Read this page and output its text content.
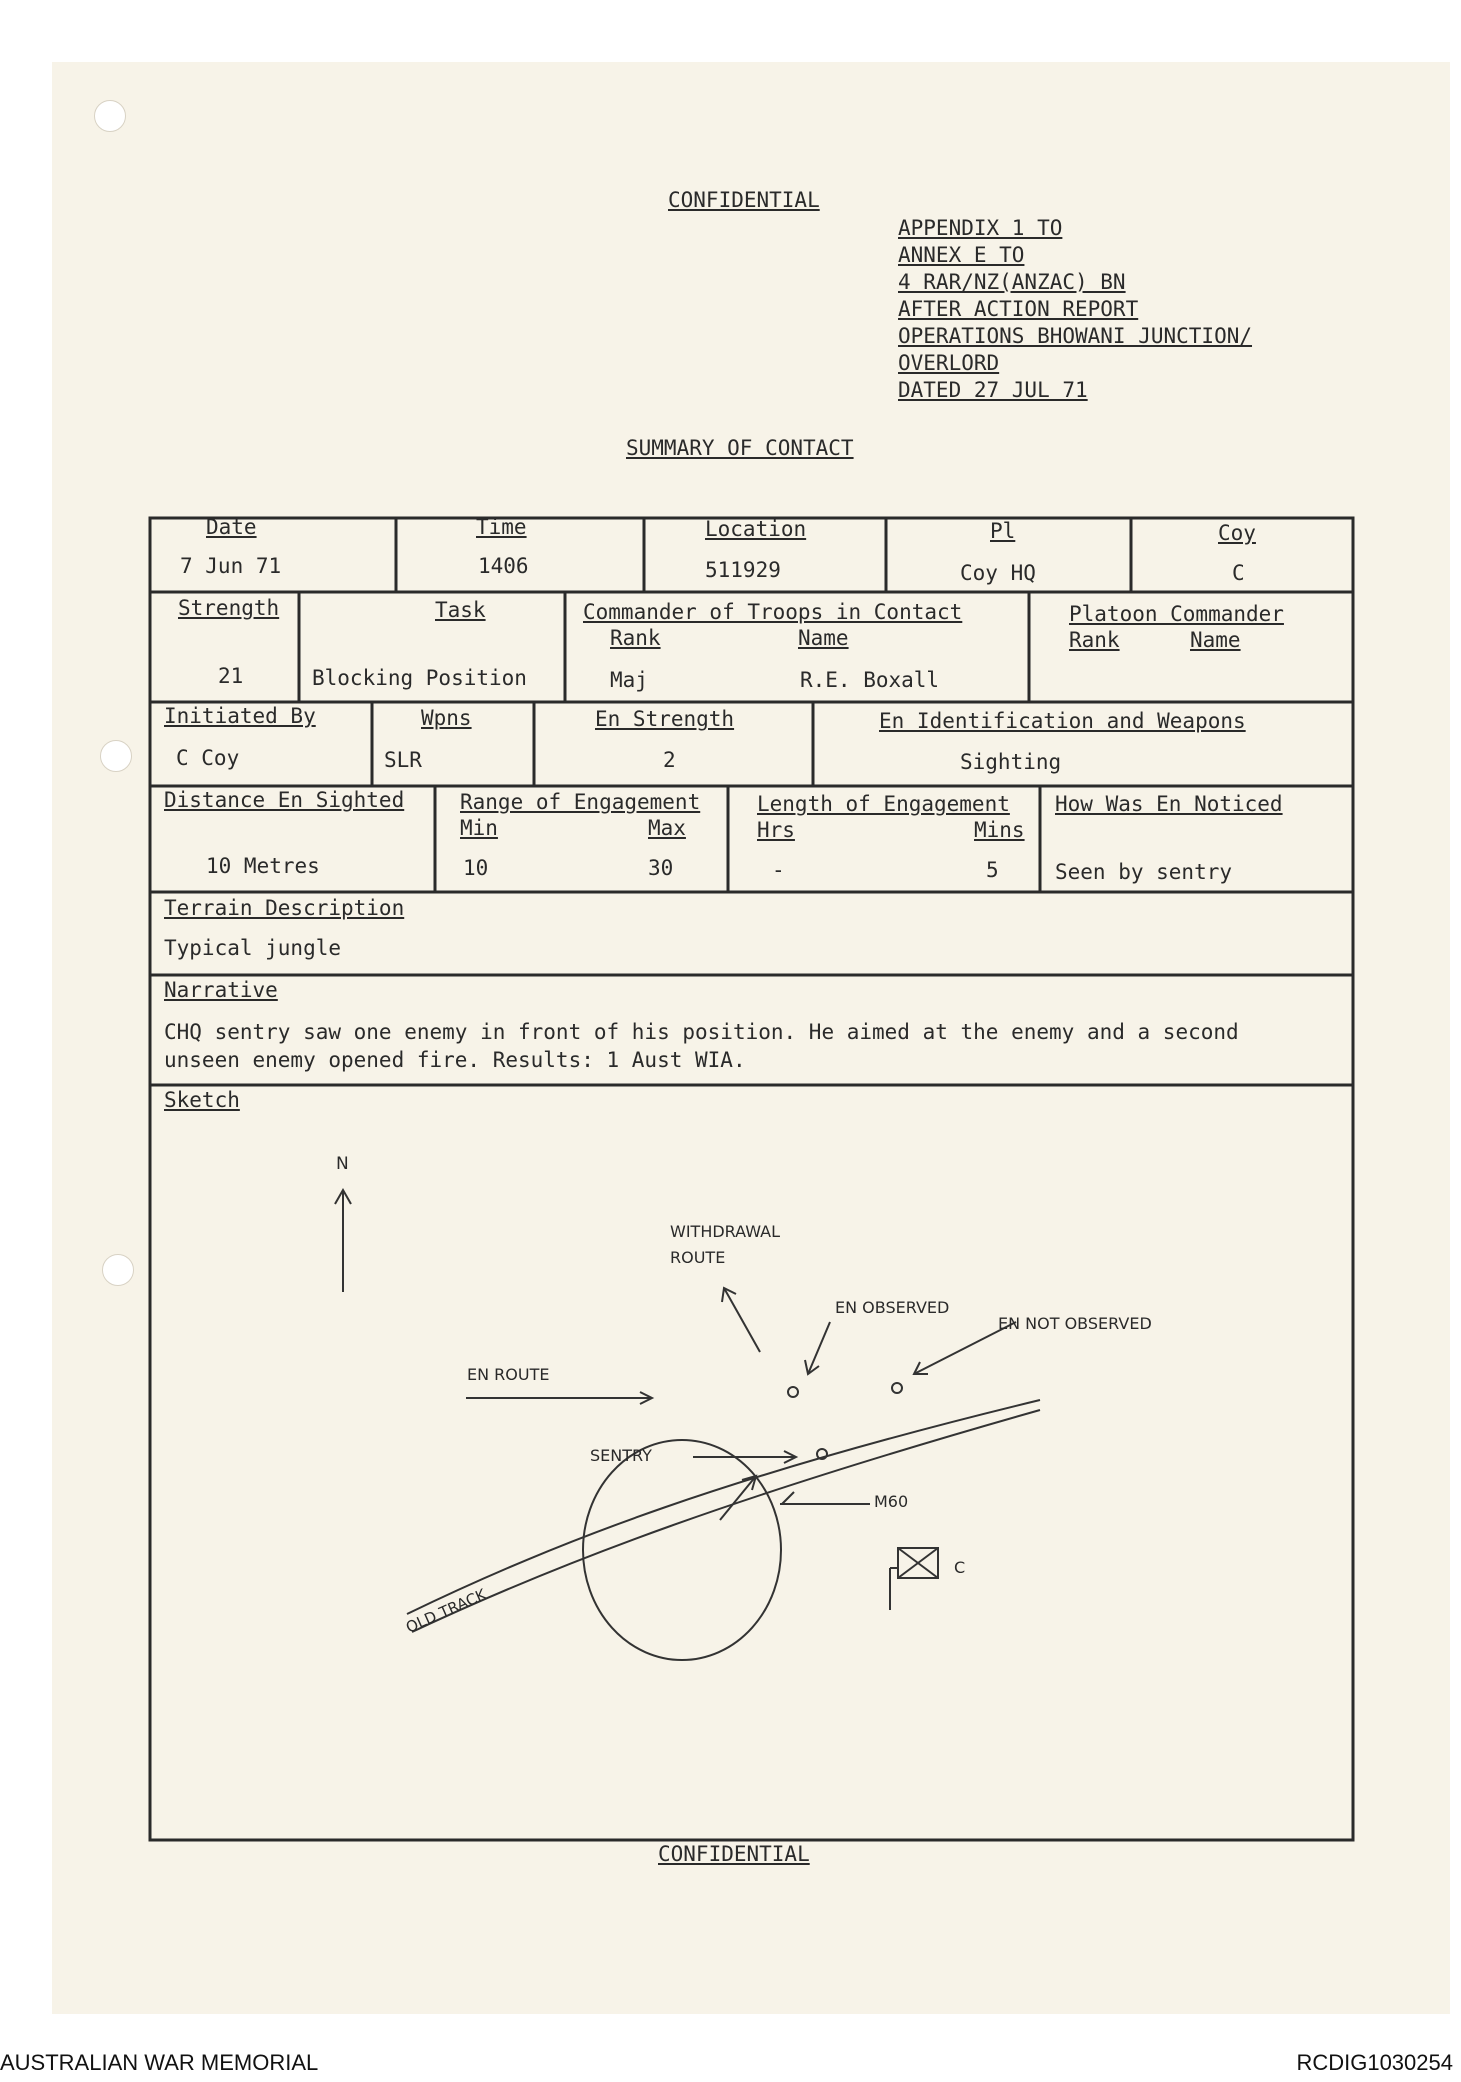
CONFIDENTIAL
APPENDIX 1 TO
ANNEX E TO
4 RAR/NZ(ANZAC) BN
AFTER ACTION REPORT
OPERATIONS BHOWANI JUNCTION/
OVERLORD
DATED 27 JUL 71
SUMMARY OF CONTACT
Date
7 Jun 71
Time
1406
Location
511929
Pl
Coy HQ
Coy
C
Strength
21
Task
Blocking Position
Commander of Troops in Contact
Rank	Name
Maj	R.E. Boxall
Platoon Commander
Rank	Name
Initiated By
C Coy
Wpns
SLR
En Strength
2
En Identification and Weapons
Sighting
Distance En Sighted
10 Metres
Range of Engagement
Min	Max
10	30
Length of Engagement
Hrs	Mins
-	5
How Was En Noticed
Seen by sentry
Terrain Description
Typical jungle
Narrative
CHQ sentry saw one enemy in front of his position. He aimed at the enemy and a second
unseen enemy opened fire. Results: 1 Aust WIA.
Sketch
N
WITHDRAWAL
ROUTE
EN OBSERVED
EN NOT OBSERVED
EN ROUTE
SENTRY
M60
C
OLD TRACK
CONFIDENTIAL
AUSTRALIAN WAR MEMORIAL	RCDIG1030254
